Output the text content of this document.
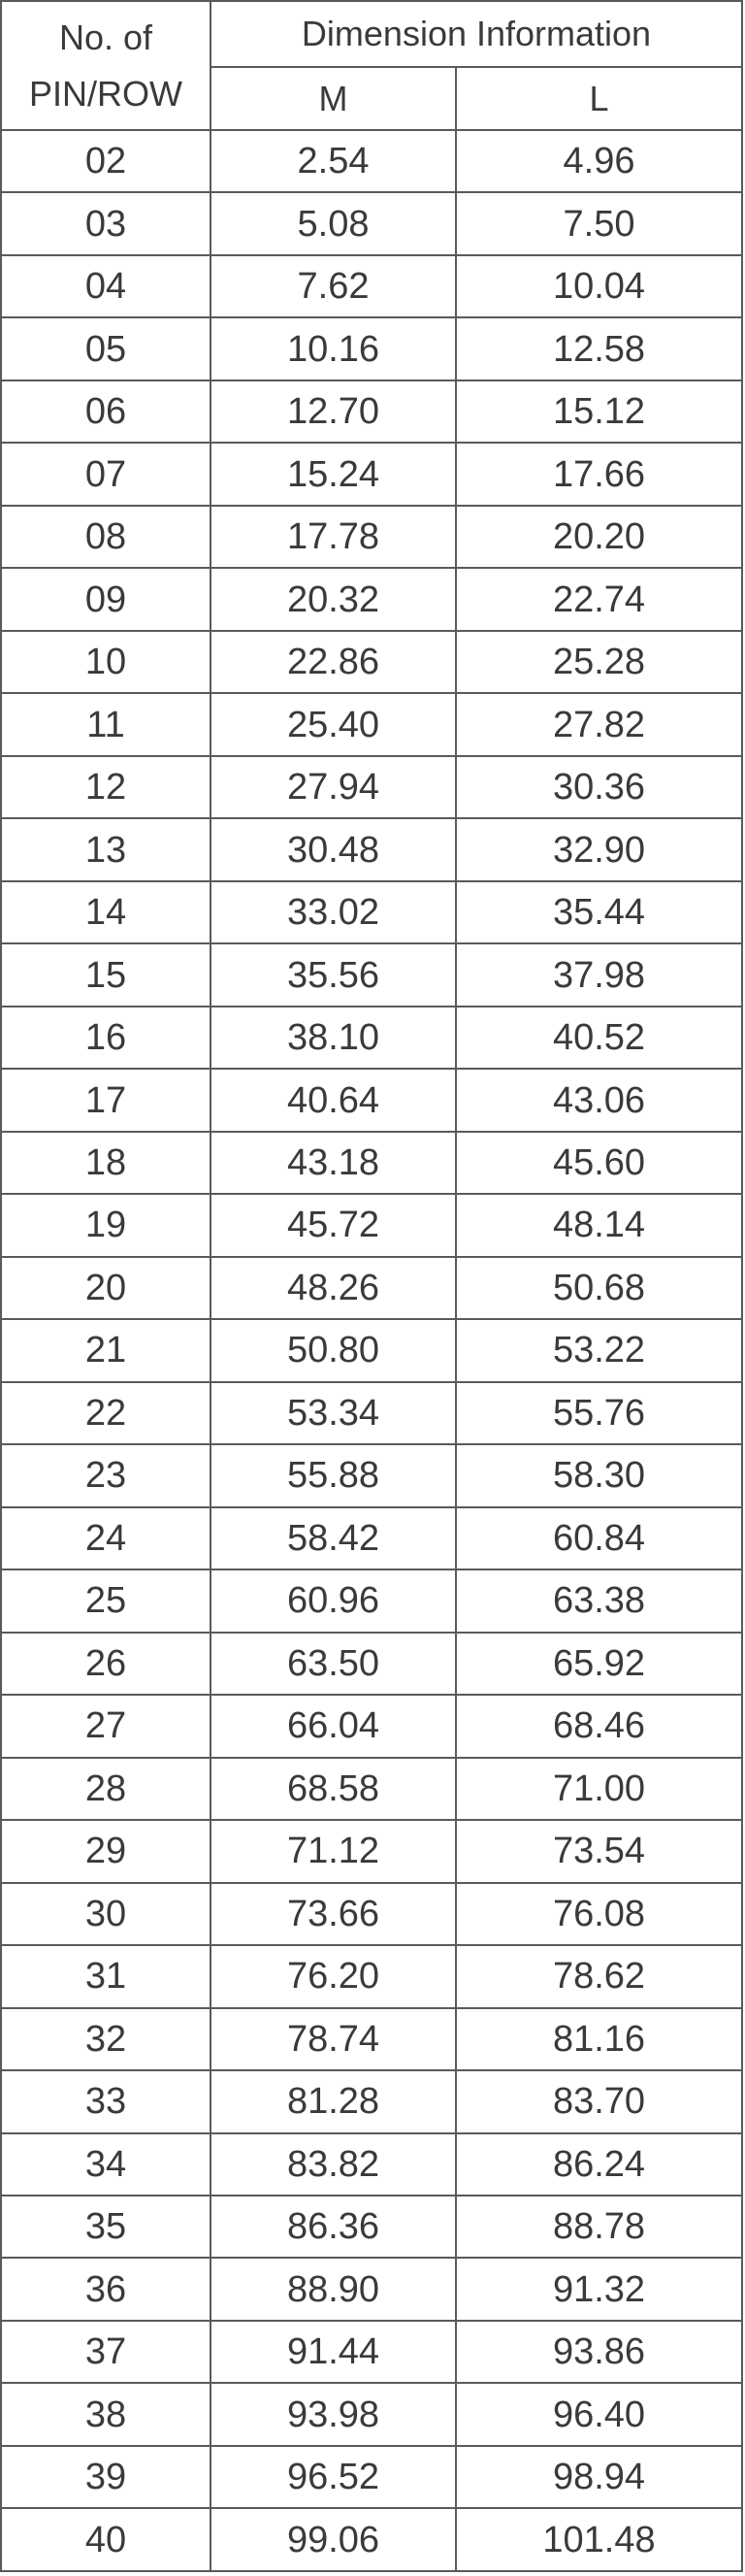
No. of
PIN/ROW	Dimension Information	
	M	L
02	2.54	4.96
03	5.08	7.50
04	7.62	10.04
05	10.16	12.58
06	12.70	15.12
07	15.24	17.66
08	17.78	20.20
09	20.32	22.74
10	22.86	25.28
11	25.40	27.82
12	27.94	30.36
13	30.48	32.90
14	33.02	35.44
15	35.56	37.98
16	38.10	40.52
17	40.64	43.06
18	43.18	45.60
19	45.72	48.14
20	48.26	50.68
21	50.80	53.22
22	53.34	55.76
23	55.88	58.30
24	58.42	60.84
25	60.96	63.38
26	63.50	65.92
27	66.04	68.46
28	68.58	71.00
29	71.12	73.54
30	73.66	76.08
31	76.20	78.62
32	78.74	81.16
33	81.28	83.70
34	83.82	86.24
35	86.36	88.78
36	88.90	91.32
37	91.44	93.86
38	93.98	96.40
39	96.52	98.94
40	99.06	101.48
